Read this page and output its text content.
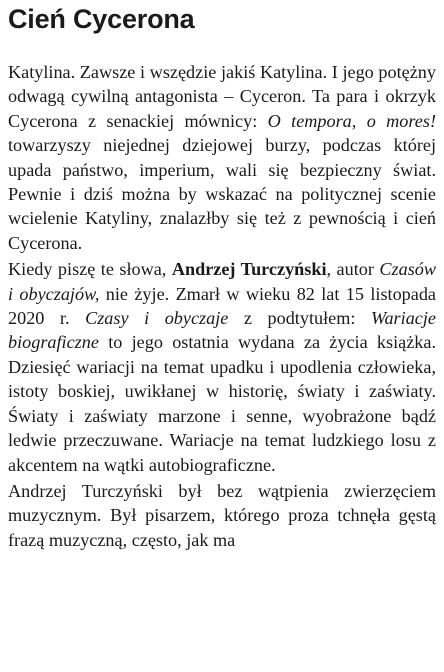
Cień Cycerona

Katylina. Zawsze i wszędzie jakiś Katylina. I jego potężny odwagą cywilną antagonista – Cyceron. Ta para i okrzyk Cycerona z senackiej mównicy: O tempora, o mores! towarzyszy niejednej dziejowej burzy, podczas której upada państwo, imperium, wali się bezpieczny świat. Pewnie i dziś można by wskazać na politycznej scenie wcielenie Katyliny, znalazłby się też z pewnością i cień Cycerona.

Kiedy piszę te słowa, Andrzej Turczyński, autor Czasów i obyczajów, nie żyje. Zmarł w wieku 82 lat 15 listopada 2020 r. Czasy i obyczaje z podtytułem: Wariacje biograficzne to jego ostatnia wydana za życia książka. Dziesięć wariacji na temat upadku i upodlenia człowieka, istoty boskiej, uwikłanej w historię, światy i zaświaty. Światy i zaświaty marzone i senne, wyobrażone bądź ledwie przeczuwane. Wariacje na temat ludzkiego losu z akcentem na wątki autobiograficzne.

Andrzej Turczyński był bez wątpienia zwierzęciem muzycznym. Był pisarzem, którego proza tchnęła gęstą frazą muzyczną, często, jak ma
